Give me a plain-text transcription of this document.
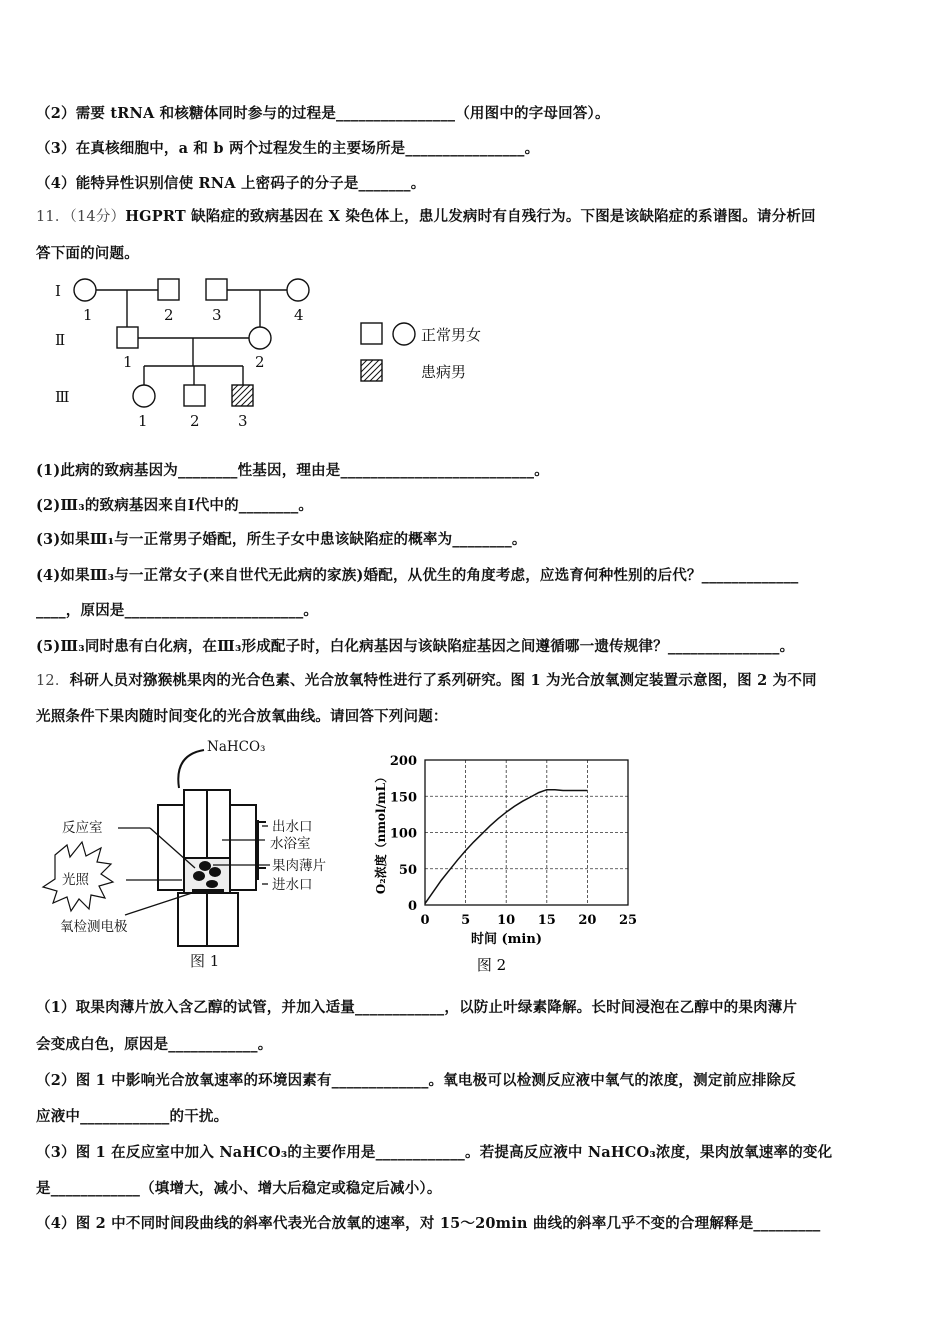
（2）需要 tRNA 和核糖体同时参与的过程是________________（用图中的字母回答）。
（3）在真核细胞中，a 和 b 两个过程发生的主要场所是________________。
（4）能特异性识别信使 RNA 上密码子的分子是_______。
11．（14分）HGPRT 缺陷症的致病基因在 X 染色体上，患儿发病时有自残行为。下图是该缺陷症的系谱图。请分析回
答下面的问题。
Ⅰ
Ⅱ
Ⅲ
1	2	3	4
1	2
1	2	3
正常男女
患病男
(1)此病的致病基因为________性基因，理由是__________________________。
(2)Ⅲ₃的致病基因来自Ⅰ代中的________。
(3)如果Ⅲ₁与一正常男子婚配，所生子女中患该缺陷症的概率为________。
(4)如果Ⅲ₃与一正常女子(来自世代无此病的家族)婚配，从优生的角度考虑，应选育何种性别的后代？_____________
____，原因是________________________。
(5)Ⅲ₃同时患有白化病，在Ⅲ₃形成配子时，白化病基因与该缺陷症基因之间遵循哪一遗传规律？_______________。
12．科研人员对猕猴桃果肉的光合色素、光合放氧特性进行了系列研究。图 1 为光合放氧测定装置示意图，图 2 为不同
光照条件下果肉随时间变化的光合放氧曲线。请回答下列问题：
NaHCO₃
反应室
光照
氧检测电极
出水口
水浴室
果肉薄片
进水口
图 1
0
50
100
150
200
0 5 10 15 20 25
时间 (min)
O₂浓度（nmol/mL）
图 2
（1）取果肉薄片放入含乙醇的试管，并加入适量____________，以防止叶绿素降解。长时间浸泡在乙醇中的果肉薄片
会变成白色，原因是____________。
（2）图 1 中影响光合放氧速率的环境因素有_____________。氧电极可以检测反应液中氧气的浓度，测定前应排除反
应液中____________的干扰。
（3）图 1 在反应室中加入 NaHCO₃的主要作用是____________。若提高反应液中 NaHCO₃浓度，果肉放氧速率的变化
是____________（填增大，减小、增大后稳定或稳定后减小）。
（4）图 2 中不同时间段曲线的斜率代表光合放氧的速率，对 15～20min 曲线的斜率几乎不变的合理解释是_________
